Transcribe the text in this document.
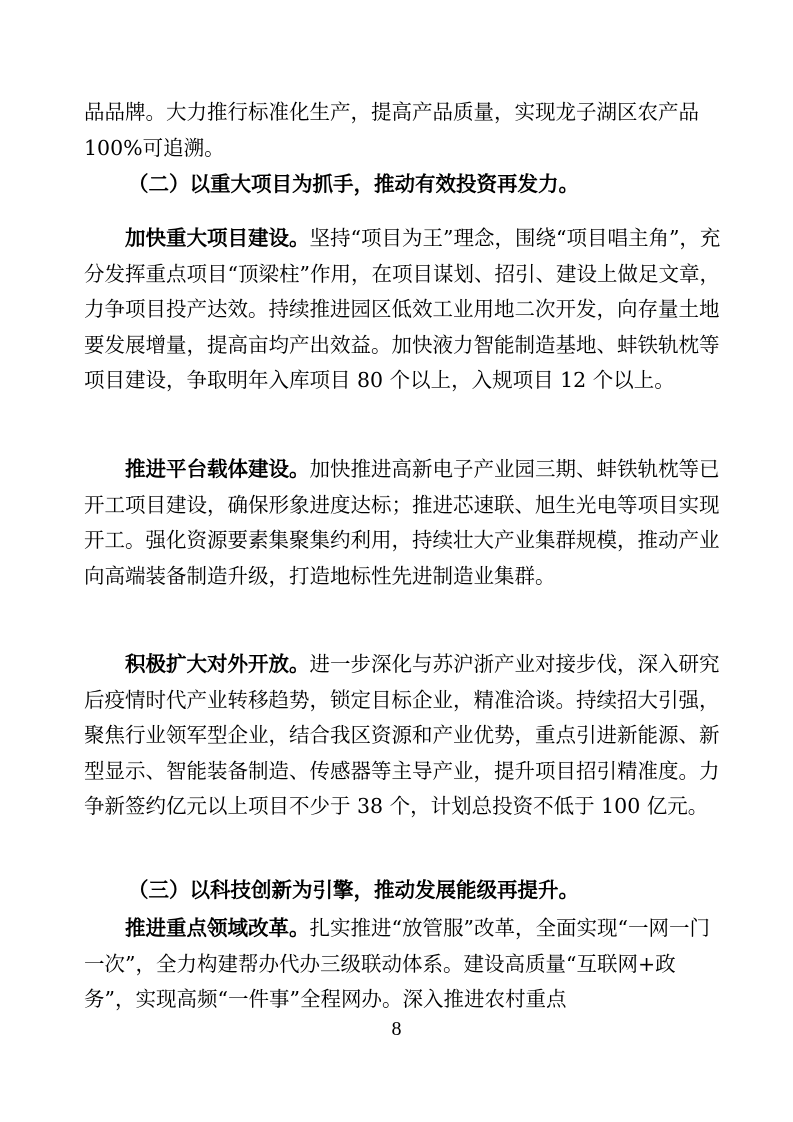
品品牌。大力推行标准化生产，提高产品质量，实现龙子湖区农产品 100%可追溯。

（二）以重大项目为抓手，推动有效投资再发力。

加快重大项目建设。坚持“项目为王”理念，围绕“项目唱主角”，充分发挥重点项目“顶梁柱”作用，在项目谋划、招引、建设上做足文章，力争项目投产达效。持续推进园区低效工业用地二次开发，向存量土地要发展增量，提高亩均产出效益。加快液力智能制造基地、蚌铁轨枕等项目建设，争取明年入库项目 80 个以上，入规项目 12 个以上。

推进平台载体建设。加快推进高新电子产业园三期、蚌铁轨枕等已开工项目建设，确保形象进度达标；推进芯速联、旭生光电等项目实现开工。强化资源要素集聚集约利用，持续壮大产业集群规模，推动产业向高端装备制造升级，打造地标性先进制造业集群。

积极扩大对外开放。进一步深化与苏沪浙产业对接步伐，深入研究后疫情时代产业转移趋势，锁定目标企业，精准洽谈。持续招大引强，聚焦行业领军型企业，结合我区资源和产业优势，重点引进新能源、新型显示、智能装备制造、传感器等主导产业，提升项目招引精准度。力争新签约亿元以上项目不少于 38 个，计划总投资不低于 100 亿元。

（三）以科技创新为引擎，推动发展能级再提升。

推进重点领域改革。扎实推进“放管服”改革，全面实现“一网一门一次”，全力构建帮办代办三级联动体系。建设高质量“互联网+政务”，实现高频“一件事”全程网办。深入推进农村重点

8
